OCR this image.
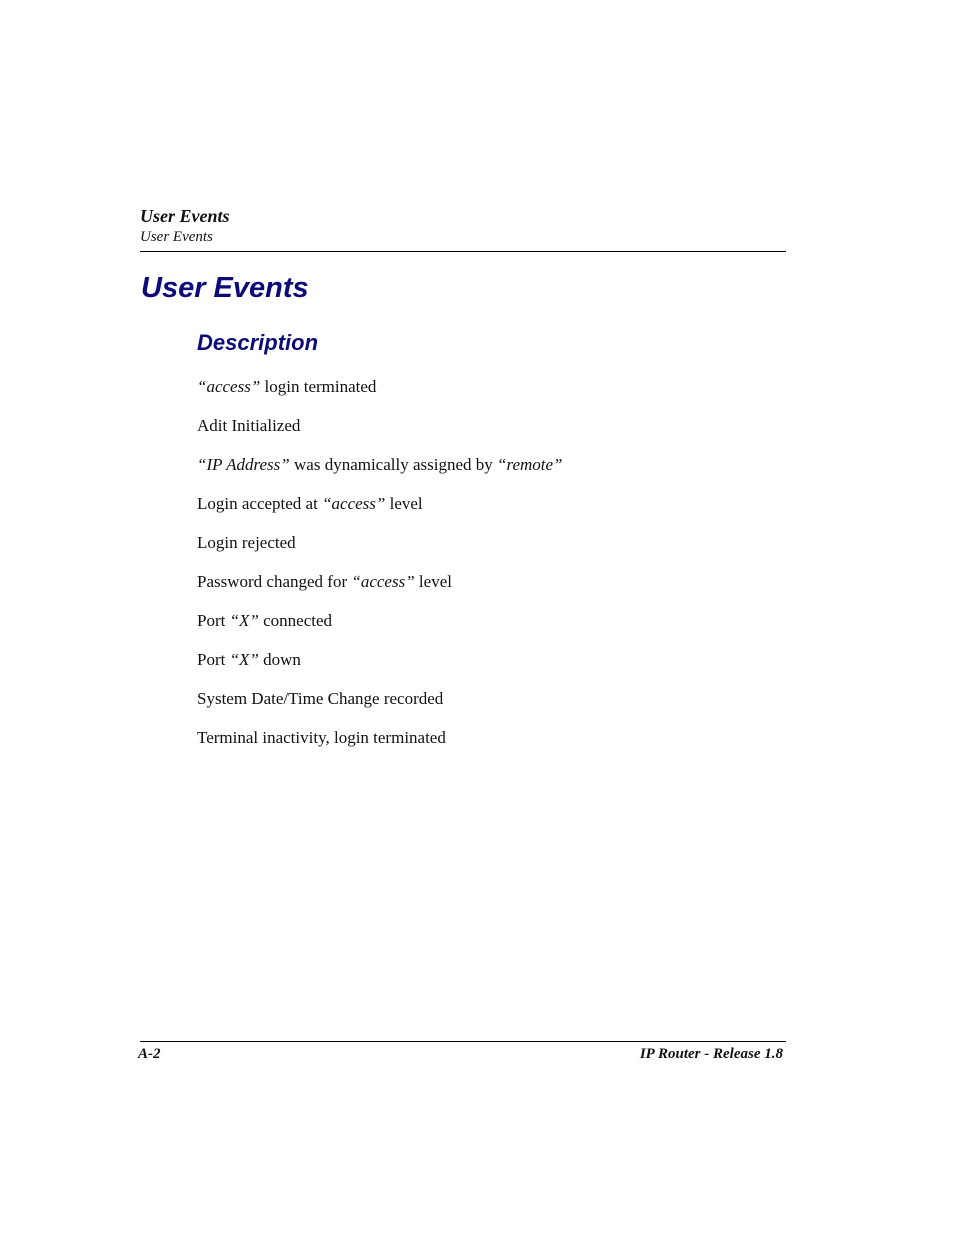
User Events
User Events
User Events
Description
“access” login terminated
Adit Initialized
“IP Address” was dynamically assigned by “remote”
Login accepted at “access” level
Login rejected
Password changed for “access” level
Port “X” connected
Port “X” down
System Date/Time Change recorded
Terminal inactivity, login terminated
A-2	IP Router - Release 1.8
